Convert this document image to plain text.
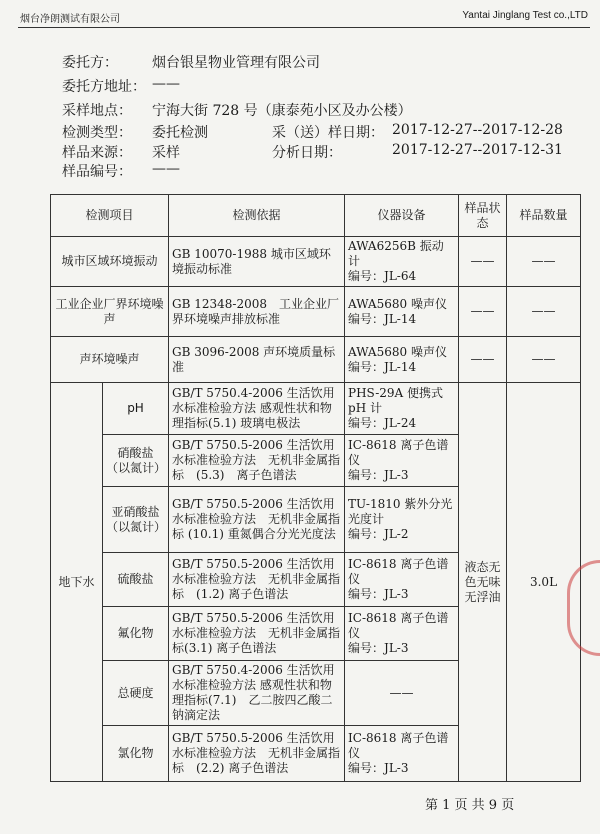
烟台净朗测试有限公司	Yantai Jinglang Test co.,LTD
委托方： 烟台银星物业管理有限公司
委托方地址： ——
采样地点： 宁海大街 728 号（康泰苑小区及办公楼）
检测类型： 委托检测	采（送）样日期： 2017-12-27--2017-12-28
样品来源： 采样	分析日期：	2017-12-27--2017-12-31
样品编号： ——
检测项目		检测依据	仪器设备	样品状态	样品数量
城市区域环境振动		GB 10070-1988 城市区域环境振动标准	AWA6256B 振动计
编号：JL-64	——	——
工业企业厂界环境噪声		GB 12348-2008　工业企业厂界环境噪声排放标准	AWA5680 噪声仪
编号：JL-14	——	——
声环境噪声		GB 3096-2008 声环境质量标准	AWA5680 噪声仪
编号：JL-14	——	——
地下水	pH	GB/T 5750.4-2006 生活饮用水标准检验方法 感观性状和物理指标(5.1) 玻璃电极法	PHS-29A 便携式 pH 计
编号：JL-24	液态无色无味无浮油	3.0L
	硝酸盐（以氮计）	GB/T 5750.5-2006 生活饮用水标准检验方法　无机非金属指标　(5.3)　离子色谱法	IC-8618 离子色谱仪
编号：JL-3		
	亚硝酸盐（以氮计）	GB/T 5750.5-2006 生活饮用水标准检验方法　无机非金属指标 (10.1) 重氮偶合分光光度法	TU-1810 紫外分光光度计
编号：JL-2		
	硫酸盐	GB/T 5750.5-2006 生活饮用水标准检验方法　无机非金属指标　(1.2) 离子色谱法	IC-8618 离子色谱仪
编号：JL-3		
	氟化物	GB/T 5750.5-2006 生活饮用水标准检验方法　无机非金属指标(3.1) 离子色谱法	IC-8618 离子色谱仪
编号：JL-3		
	总硬度	GB/T 5750.4-2006 生活饮用水标准检验方法 感观性状和物理指标(7.1)　乙二胺四乙酸二钠滴定法	——		
	氯化物	GB/T 5750.5-2006 生活饮用水标准检验方法　无机非金属指标　(2.2) 离子色谱法	IC-8618 离子色谱仪
编号：JL-3		
第 1 页 共 9 页
